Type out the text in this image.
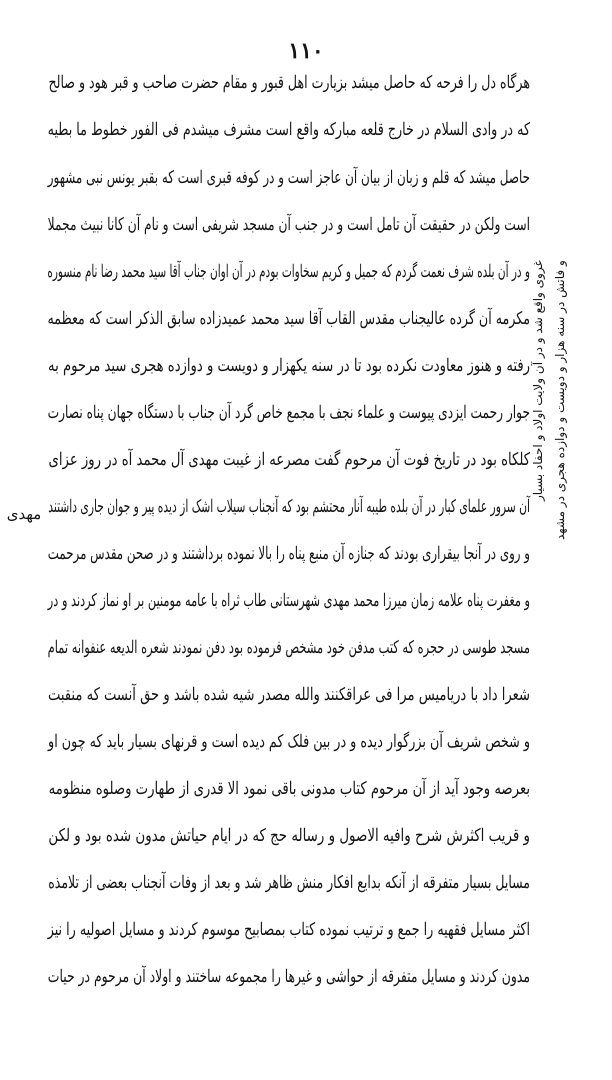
۱۱۰
هرگاه دل را فرحه که حاصل میشد بزیارت اهل قبور و مقام حضرت صاحب و قبر هود و صالح
که در وادی السلام در خارج قلعه مبارکه واقع است مشرف میشدم فی الفور خطوط ما بطیه
حاصل میشد که قلم و زبان از بیان آن عاجز است و در کوفه قبری است که بقبر یونس نبی مشهور
است ولکن در حقیقت آن تامل است و در جنب آن مسجد شریفی است و نام آن کانا نبیث مجملا
و در آن بلده شرف نعمت گردم که جمیل و کریم سخاوات بودم در آن اوان جناب آقا سید محمد رضا نام منسوره
مکرمه آن گرده عالیجناب مقدس القاب آقا سید محمد عمیدزاده سابق الذکر است که معظمه
رفته و هنوز معاودت نکرده بود تا در سنه یکهزار و دویست و دوازده هجری سید مرحوم به
جوار رحمت ایزدی پیوست و علماء نجف با مجمع خاص گرد آن جناب با دستگاه جهان پناه نصارت
کلکاه بود در تاریخ فوت آن مرحوم گفت مصرعه از غیبت مهدی آل محمد آه در روز عزای
آن سرور علمای کبار در آن بلده طیبه آنار محتشم بود که آنجناب سیلاب اشک از دیده پیر و جوان جاری داشتند
و روی در آنجا بیقراری بودند که جنازه آن منبع پناه را بالا نموده برداشتند و در صحن مقدس مرحمت
و مغفرت پناه علامه زمان میرزا محمد مهدی شهرستانی طاب ثراه با عامه مومنین بر او نماز کردند و در
مسجد طوسی در حجره که کتب مدفن خود مشخص فرموده بود دفن نمودند شعره الدیعه عنفوانه تمام
شعرا داد با دریامیس مرا فی عراقکنند والله مصدر شیه شده باشد و حق آنست که منقبت
و شخص شریف آن بزرگوار دیده و در بین فلک کم دیده است و قرنهای بسیار باید که چون او
بعرصه وجود آید از آن مرحوم کتاب مدونی باقی نمود الا قدری از طهارت وصلوه منظومه
و قریب اکثرش شرح وافیه الاصول و رساله حج که در ایام حیاتش مدون شده بود و لکن
مسایل بسیار متفرقه از آنکه بدایع افکار منش ظاهر شد و بعد از وفات آنجناب بعضی از تلامذه
اکثر مسایل فقهیه را جمع و ترتیب نموده کتاب بمصابیح موسوم کردند و مسایل اصولیه را نیز
مدون کردند و مسایل متفرقه از حواشی و غیرها را مجموعه ساختند و اولاد آن مرحوم در حیات
و فاتش در سنه هزار و دویست و دوازده هجری در مشهد
غروی واقع شد و در آن ولایت اولاد و احفاد بسیار
مهدی
